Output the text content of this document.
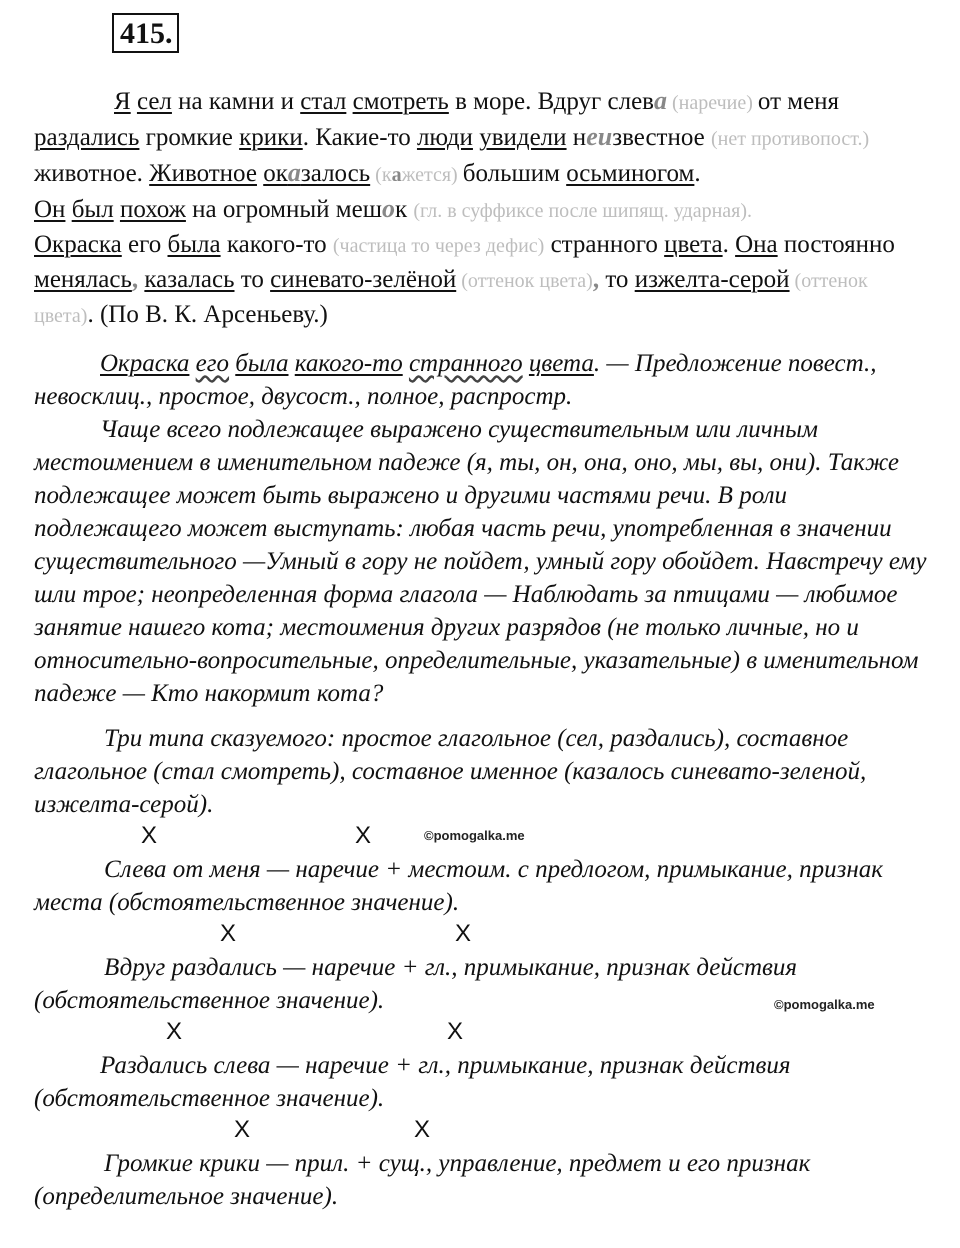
415.
Я сел на камни и стал смотреть в море. Вдруг слева (наречие) от меня раздались громкие крики. Какие-то люди увидели неизвестное (нет противопост.) животное. Животное оказалось (кажется) большим осьминогом.
Он был похож на огромный мешок (гл. в суффиксе после шипящ. ударная).
Окраска его была какого-то (частица то через дефис) странного цвета. Она постоянно менялась, казалась то синевато-зелёной (оттенок цвета), то изжелта-серой (оттенок цвета). (По В. К. Арсеньеву.)
Окраска его была какого-то странного цвета. — Предложение повест., невосклиц., простое, двусост., полное, распростр.
Чаще всего подлежащее выражено существительным или личным местоимением в именительном падеже (я, ты, он, она, оно, мы, вы, они). Также подлежащее может быть выражено и другими частями речи. В роли подлежащего может выступать: любая часть речи, употребленная в значении существительного —Умный в гору не пойдет, умный гору обойдет. Навстречу ему шли трое; неопределенная форма глагола — Наблюдать за птицами — любимое занятие нашего кота; местоимения других разрядов (не только личные, но и относительно-вопросительные, определительные, указательные) в именительном падеже — Кто накормит кота?
Три типа сказуемого: простое глагольное (сел, раздались), составное глагольное (стал смотреть), составное именное (казалось синевато-зеленой, изжелта-серой).
X	X	©pomogalka.me
Слева от меня — наречие + местоим. с предлогом, примыкание, признак места (обстоятельственное значение).
X	X
Вдруг раздались — наречие + гл., примыкание, признак действия (обстоятельственное значение).	©pomogalka.me
X	X
Раздались слева — наречие + гл., примыкание, признак действия (обстоятельственное значение).
X	X
Громкие крики — прил. + сущ., управление, предмет и его признак (определительное значение).
